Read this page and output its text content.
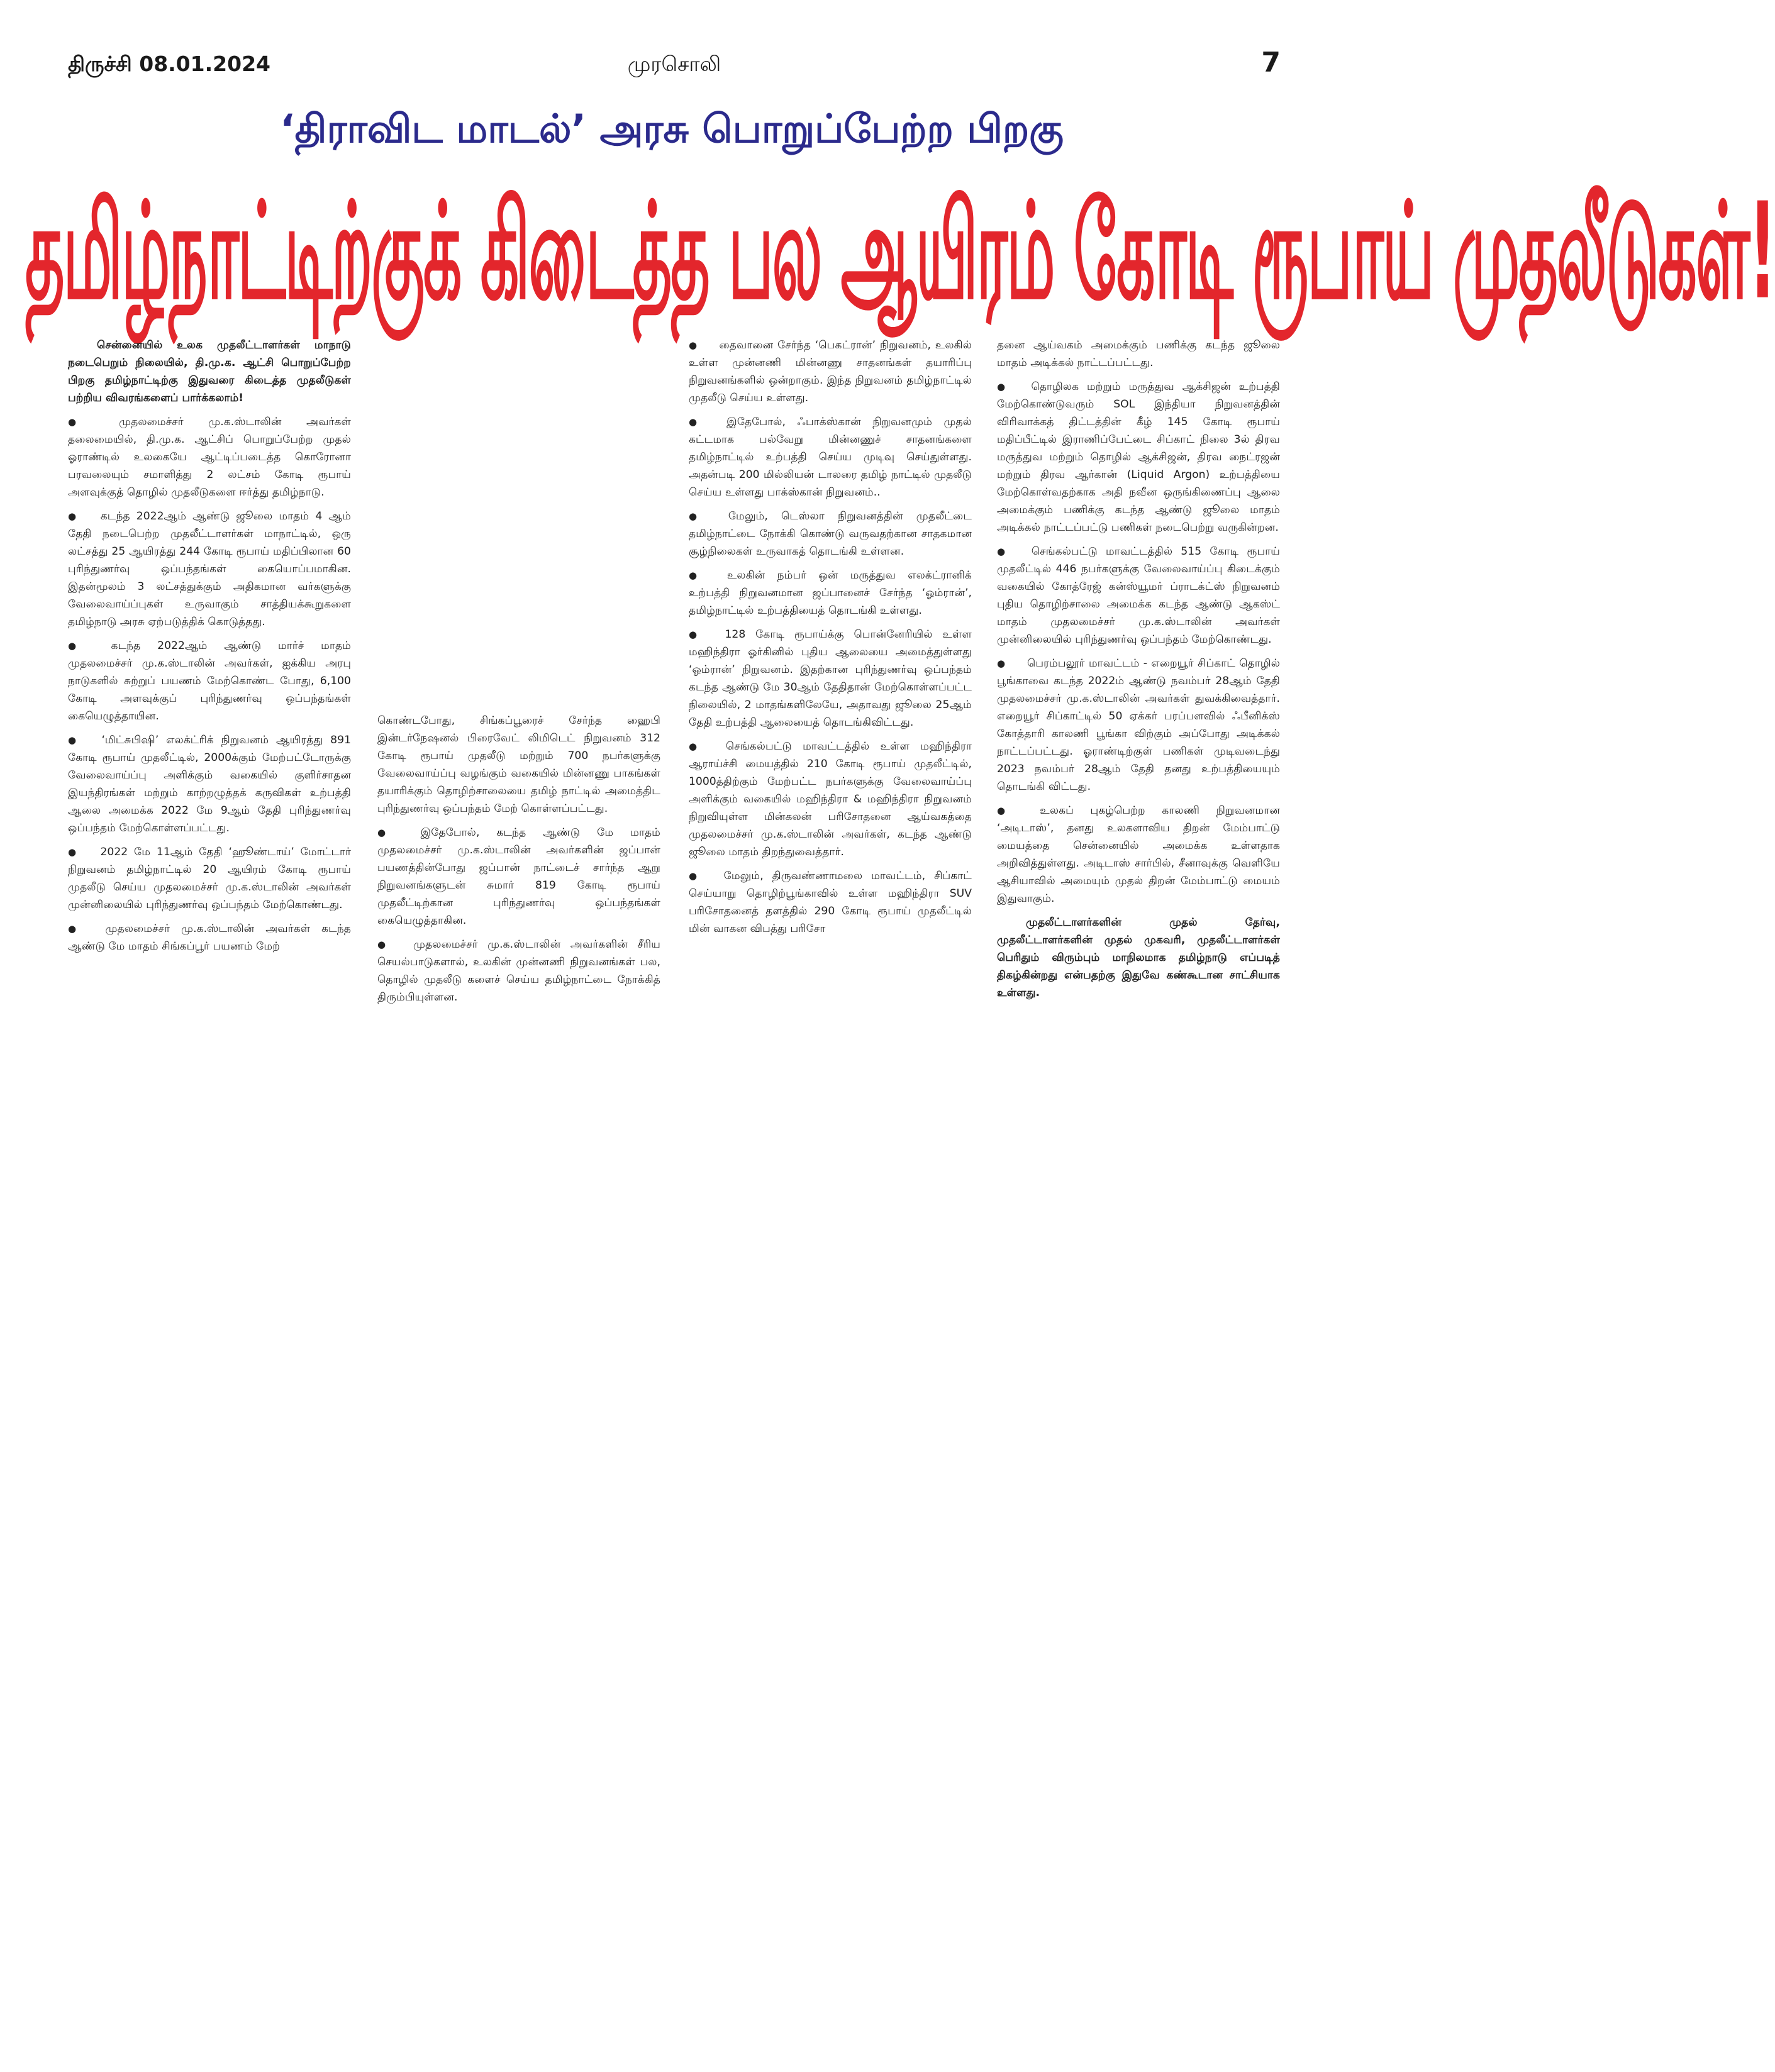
திருச்சி 08.01.2024	முரசொலி	7
‘திராவிட மாடல்’ அரசு பொறுப்பேற்ற பிறகு
தமிழ்நாட்டிற்குக் கிடைத்த பல ஆயிரம் கோடி ரூபாய் முதலீடுகள்!

சென்னையில் உலக முதலீட்டாளர்கள் மாநாடு நடைபெறும் நிலையில், தி.மு.க. ஆட்சி பொறுப்பேற்ற பிறகு தமிழ்நாட்டிற்கு இதுவரை கிடைத்த முதலீடுகள் பற்றிய விவரங்களைப் பார்க்கலாம்!

● முதலமைச்சர் மு.க.ஸ்டாலின் அவர்கள் தலைமையில், தி.மு.க. ஆட்சிப் பொறுப்பேற்ற முதல் ஓராண்டில் உலகையே ஆட்டிப்படைத்த கொரோனா பரவலையும் சமாளித்து 2 லட்சம் கோடி ரூபாய் அளவுக்குத் தொழில் முதலீடுகளை ஈர்த்து தமிழ்நாடு.

● கடந்த 2022ஆம் ஆண்டு ஜூலை மாதம் 4 ஆம் தேதி நடைபெற்ற முதலீட்டாளர்கள் மாநாட்டில், ஒரு லட்சத்து 25 ஆயிரத்து 244 கோடி ரூபாய் மதிப்பிலான 60 புரிந்துணர்வு ஒப்பந்தங்கள் கையொப்பமாகின. இதன்மூலம் 3 லட்சத்துக்கும் அதிகமான வர்களுக்கு வேலைவாய்ப்புகள் உருவாகும் சாத்தியக்கூறுகளை தமிழ்நாடு அரசு ஏற்படுத்திக் கொடுத்தது.

● கடந்த 2022ஆம் ஆண்டு மார்ச் மாதம் முதலமைச்சர் மு.க.ஸ்டாலின் அவர்கள், ஐக்கிய அரபு நாடுகளில் சுற்றுப் பயணம் மேற்கொண்ட போது, 6,100 கோடி அளவுக்குப் புரிந்துணர்வு ஒப்பந்தங்கள் கையெழுத்தாயின.

● ‘மிட்சுபிஷி’ எலக்ட்ரிக் நிறுவனம் ஆயிரத்து 891 கோடி ரூபாய் முதலீட்டில், 2000க்கும் மேற்பட்டோருக்கு வேலைவாய்ப்பு அளிக்கும் வகையில் குளிர்சாதன இயந்திரங்கள் மற்றும் காற்றழுத்தக் கருவிகள் உற்பத்தி ஆலை அமைக்க 2022 மே 9ஆம் தேதி புரிந்துணர்வு ஒப்பந்தம் மேற்கொள்ளப்பட்டது.

● 2022 மே 11ஆம் தேதி ‘ஹூண்டாய்’ மோட்டார் நிறுவனம் தமிழ்நாட்டில் 20 ஆயிரம் கோடி ரூபாய் முதலீடு செய்ய முதலமைச்சர் மு.க.ஸ்டாலின் அவர்கள் முன்னிலையில் புரிந்துணர்வு ஒப்பந்தம் மேற்கொண்டது.

● முதலமைச்சர் மு.க.ஸ்டாலின் அவர்கள் கடந்த ஆண்டு மே மாதம் சிங்கப்பூர் பயணம் மேற்

கொண்டபோது, சிங்கப்பூரைச் சேர்ந்த ஹைபி இன்டர்நேஷனல் பிரைவேட் லிமிடெட் நிறுவனம் 312 கோடி ரூபாய் முதலீடு மற்றும் 700 நபர்களுக்கு வேலைவாய்ப்பு வழங்கும் வகையில் மின்னணு பாகங்கள் தயாரிக்கும் தொழிற்சாலையை தமிழ் நாட்டில் அமைத்திட புரிந்துணர்வு ஒப்பந்தம் மேற் கொள்ளப்பட்டது.

● இதேபோல், கடந்த ஆண்டு மே மாதம் முதலமைச்சர் மு.க.ஸ்டாலின் அவர்களின் ஜப்பான் பயணத்தின்போது ஜப்பான் நாட்டைச் சார்ந்த ஆறு நிறுவனங்களுடன் சுமார் 819 கோடி ரூபாய் முதலீட்டிற்கான புரிந்துணர்வு ஒப்பந்தங்கள் கையெழுத்தாகின.

● முதலமைச்சர் மு.க.ஸ்டாலின் அவர்களின் சீரிய செயல்பாடுகளால், உலகின் முன்னணி நிறுவனங்கள் பல, தொழில் முதலீடு களைச் செய்ய தமிழ்நாட்டை நோக்கித் திரும்பியுள்ளன.

● தைவானை சேர்ந்த ‘பெகட்ரான்’ நிறுவனம், உலகில் உள்ள முன்னணி மின்னணு சாதனங்கள் தயாரிப்பு நிறுவனங்களில் ஒன்றாகும். இந்த நிறுவனம் தமிழ்நாட்டில் முதலீடு செய்ய உள்ளது.

● இதேபோல், ஃபாக்ஸ்கான் நிறுவனமும் முதல் கட்டமாக பல்வேறு மின்னணுச் சாதனங்களை தமிழ்நாட்டில் உற்பத்தி செய்ய முடிவு செய்துள்ளது. அதன்படி 200 மில்லியன் டாலரை தமிழ் நாட்டில் முதலீடு செய்ய உள்ளது பாக்ஸ்கான் நிறுவனம்..

● மேலும், டெஸ்லா நிறுவனத்தின் முதலீட்டை தமிழ்நாட்டை நோக்கி கொண்டு வருவதற்கான சாதகமான சூழ்நிலைகள் உருவாகத் தொடங்கி உள்ளன.

● உலகின் நம்பர் ஒன் மருத்துவ எலக்ட்ரானிக் உற்பத்தி நிறுவனமான ஜப்பானைச் சேர்ந்த ‘ஓம்ரான்’, தமிழ்நாட்டில் உற்பத்தியைத் தொடங்கி உள்ளது.

● 128 கோடி ரூபாய்க்கு பொன்னேரியில் உள்ள மஹிந்திரா ஓர்கினில் புதிய ஆலையை அமைத்துள்ளது ‘ஓம்ரான்’ நிறுவனம். இதற்கான புரிந்துணர்வு ஒப்பந்தம் கடந்த ஆண்டு மே 30ஆம் தேதிதான் மேற்கொள்ளப்பட்ட நிலையில், 2 மாதங்களிலேயே, அதாவது ஜூலை 25ஆம் தேதி உற்பத்தி ஆலையைத் தொடங்கிவிட்டது.

● செங்கல்பட்டு மாவட்டத்தில் உள்ள மஹிந்திரா ஆராய்ச்சி மையத்தில் 210 கோடி ரூபாய் முதலீட்டில், 1000த்திற்கும் மேற்பட்ட நபர்களுக்கு வேலைவாய்ப்பு அளிக்கும் வகையில் மஹிந்திரா & மஹிந்திரா நிறுவனம் நிறுவியுள்ள மின்கலன் பரிசோதனை ஆய்வகத்தை முதலமைச்சர் மு.க.ஸ்டாலின் அவர்கள், கடந்த ஆண்டு ஜூலை மாதம் திறந்துவைத்தார்.

● மேலும், திருவண்ணாமலை மாவட்டம், சிப்காட் செய்யாறு தொழிற்பூங்காவில் உள்ள மஹிந்திரா SUV பரிசோதனைத் தளத்தில் 290 கோடி ரூபாய் முதலீட்டில் மின் வாகன விபத்து பரிசோ

தனை ஆய்வகம் அமைக்கும் பணிக்கு கடந்த ஜூலை மாதம் அடிக்கல் நாட்டப்பட்டது.

● தொழிலக மற்றும் மருத்துவ ஆக்சிஜன் உற்பத்தி மேற்கொண்டுவரும் SOL இந்தியா நிறுவனத்தின் விரிவாக்கத் திட்டத்தின் கீழ் 145 கோடி ரூபாய் மதிப்பீட்டில் இராணிப்பேட்டை சிப்காட் நிலை 3ல் திரவ மருத்துவ மற்றும் தொழில் ஆக்சிஜன், திரவ நைட்ரஜன் மற்றும் திரவ ஆர்கான் (Liquid Argon) உற்பத்தியை மேற்கொள்வதற்காக அதி நவீன ஒருங்கிணைப்பு ஆலை அமைக்கும் பணிக்கு கடந்த ஆண்டு ஜூலை மாதம் அடிக்கல் நாட்டப்பட்டு பணிகள் நடைபெற்று வருகின்றன.

● செங்கல்பட்டு மாவட்டத்தில் 515 கோடி ரூபாய் முதலீட்டில் 446 நபர்களுக்கு வேலைவாய்ப்பு கிடைக்கும் வகையில் கோத்ரேஜ் கன்ஸ்யூமர் ப்ராடக்ட்ஸ் நிறுவனம் புதிய தொழிற்சாலை அமைக்க கடந்த ஆண்டு ஆகஸ்ட் மாதம் முதலமைச்சர் மு.க.ஸ்டாலின் அவர்கள் முன்னிலையில் புரிந்துணர்வு ஒப்பந்தம் மேற்கொண்டது.

● பெரம்பலூர் மாவட்டம் - எறையூர் சிப்காட் தொழில் பூங்காவை கடந்த 2022ம் ஆண்டு நவம்பர் 28ஆம் தேதி முதலமைச்சர் மு.க.ஸ்டாலின் அவர்கள் துவக்கிவைத்தார். எறையூர் சிப்காட்டில் 50 ஏக்கர் பரப்பளவில் ஃபீனிக்ஸ் கோத்தாரி காலணி பூங்கா விற்கும் அப்போது அடிக்கல் நாட்டப்பட்டது. ஓராண்டிற்குள் பணிகள் முடிவடைந்து 2023 நவம்பர் 28ஆம் தேதி தனது உற்பத்தியையும் தொடங்கி விட்டது.

● உலகப் புகழ்பெற்ற காலணி நிறுவனமான ‘அடிடாஸ்’, தனது உலகளாவிய திறன் மேம்பாட்டு மையத்தை சென்னையில் அமைக்க உள்ளதாக அறிவித்துள்ளது. அடிடாஸ் சார்பில், சீனாவுக்கு வெளியே ஆசியாவில் அமையும் முதல் திறன் மேம்பாட்டு மையம் இதுவாகும்.

முதலீட்டாளர்களின் முதல் தேர்வு, முதலீட்டாளர்களின் முதல் முகவரி, முதலீட்டாளர்கள் பெரிதும் விரும்பும் மாநிலமாக தமிழ்நாடு எப்படித் திகழ்கின்றது என்பதற்கு இதுவே கண்கூடான சாட்சியாக உள்ளது.
